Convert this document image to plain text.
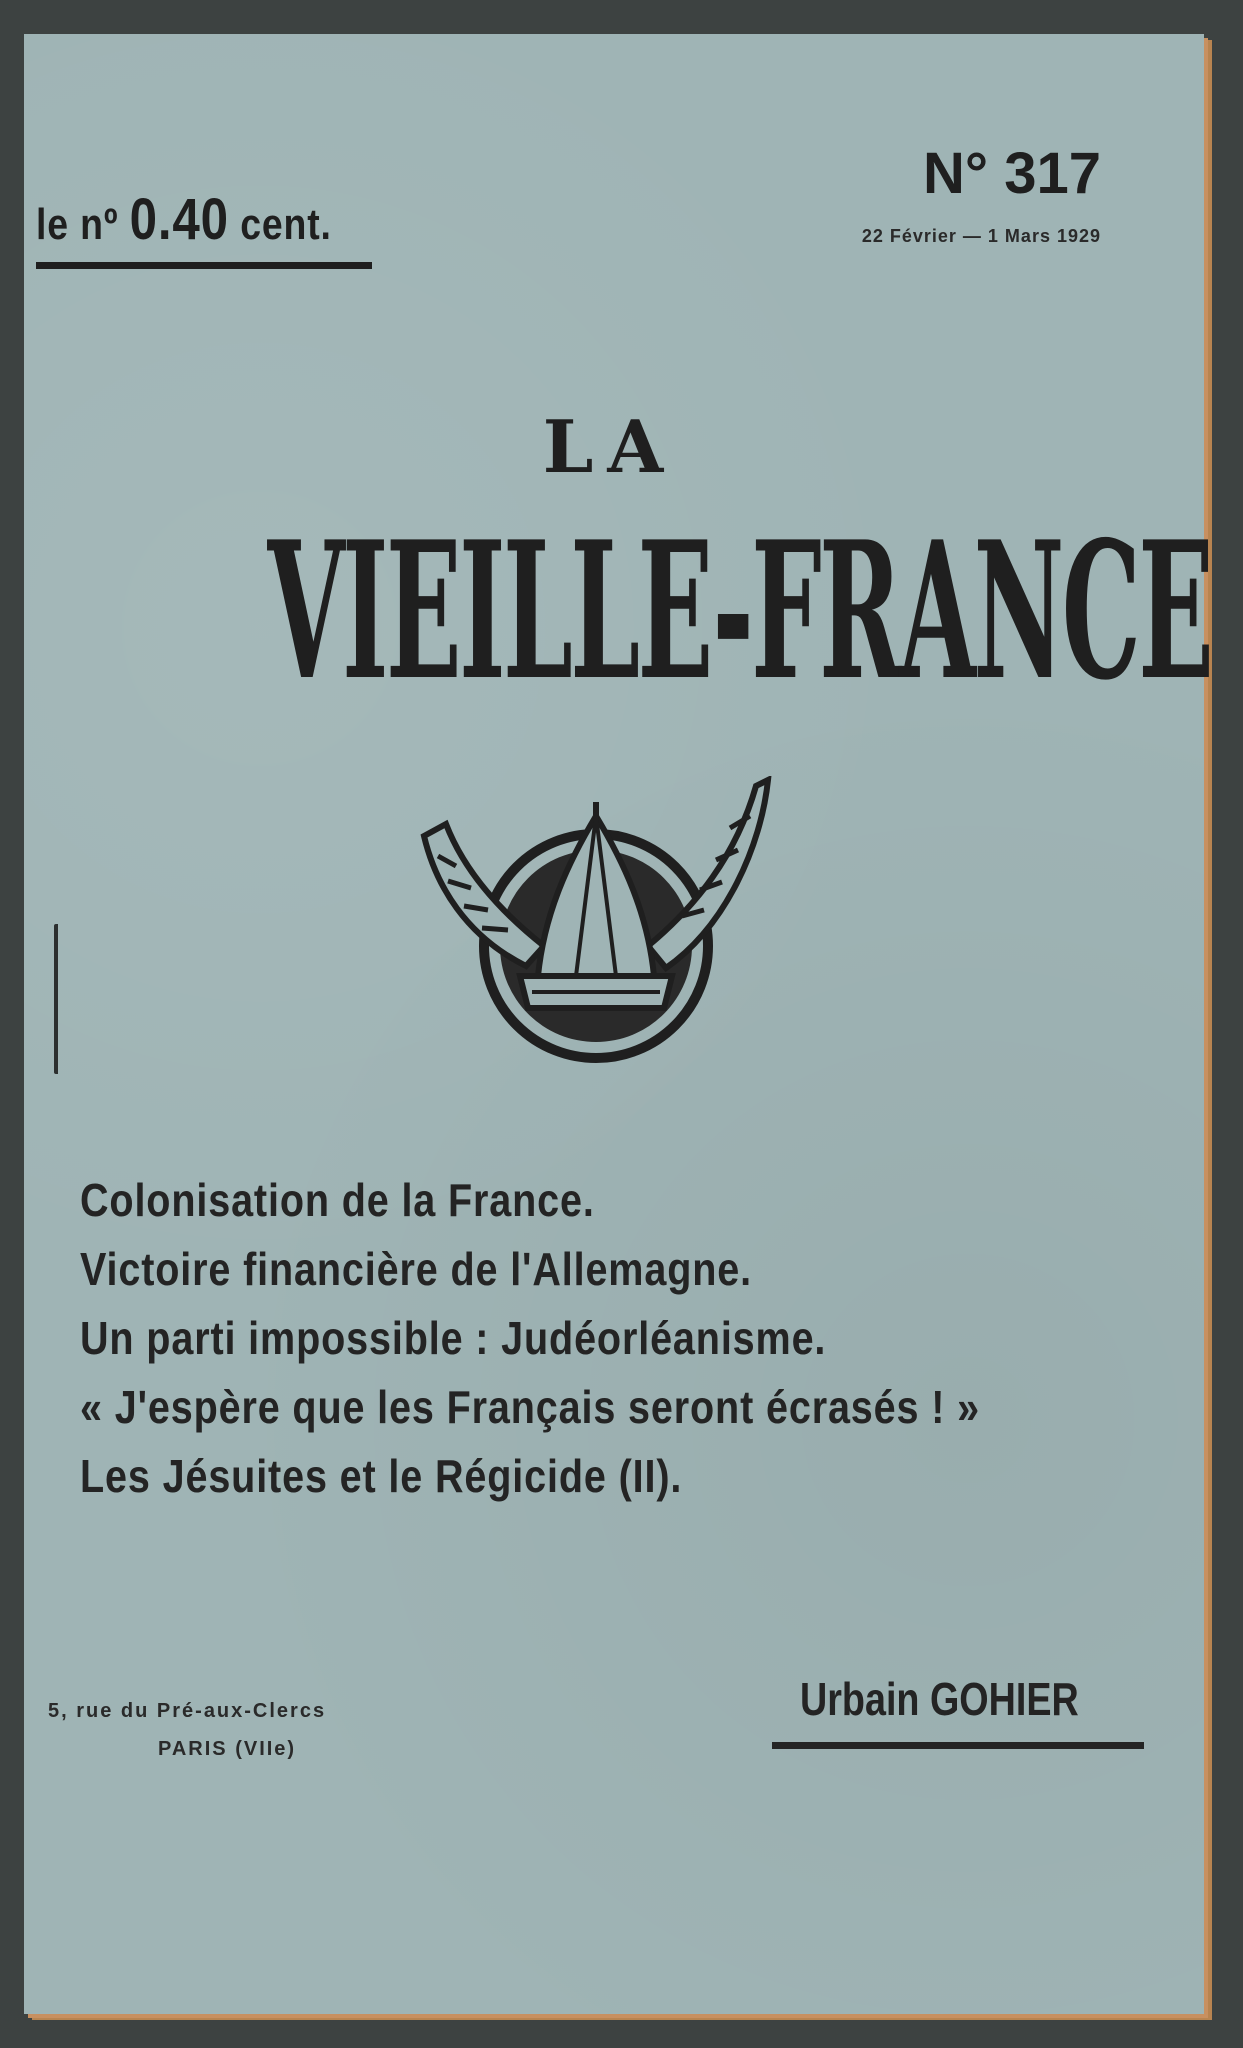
le nº 0.40 cent.
N° 317
22 Février — 1 Mars 1929
LA
VIEILLE-FRANCE
Colonisation de la France.
Victoire financière de l'Allemagne.
Un parti impossible : Judéorléanisme.
« J'espère que les Français seront écrasés ! »
Les Jésuites et le Régicide (II).
5, rue du Pré-aux-Clercs
PARIS (VIIe)
Urbain GOHIER
